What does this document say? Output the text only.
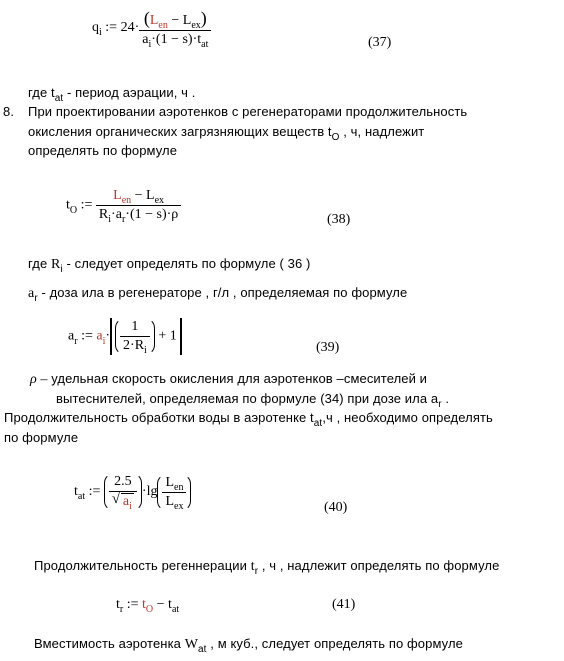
$q_i$ := $24\cdot \frac{(L_{en} - L_{ex})}{a_i\cdot(1 - s)\cdot t_{at}}$	(37)
где $t_{at}$ - период аэрации, ч .
8. При проектировании аэротенков с регенераторами продолжительность
окисления органических загрязняющих веществ $t_O$ , ч, надлежит
определять по формуле
$t_O$ := $\frac{L_{en} - L_{ex}}{R_i\cdot a_r\cdot(1 - s)\cdot\rho}$	(38)
где $R_i$ - следует определять по формуле ( 36 )
$a_r$ - доза ила в регенераторе , г/л , определяемая по формуле
$a_r$ := $a_i\cdot \frac{1}{2\cdot R_i} + 1$
(39)
ρ – удельная скорость окисления для аэротенков –смесителей и
вытеснителей, определяемая по формуле (34) при дозе ила $a_r$ .
Продолжительность обработки воды в аэротенке $t_{at},ч$ , необходимо определять
по формуле
$t_{at}$ := 2.5
√ $a_i \cdot\lg \frac{L_{en}}{L_{ex}}$	(40)
Продолжительность регеннерации $t_r$ , ч , надлежит определять по формуле
$t_r$ := $t_O - t_{at}$	(41)
Вместимость аэротенка $W_{at}$ , м куб., следует определять по формуле
